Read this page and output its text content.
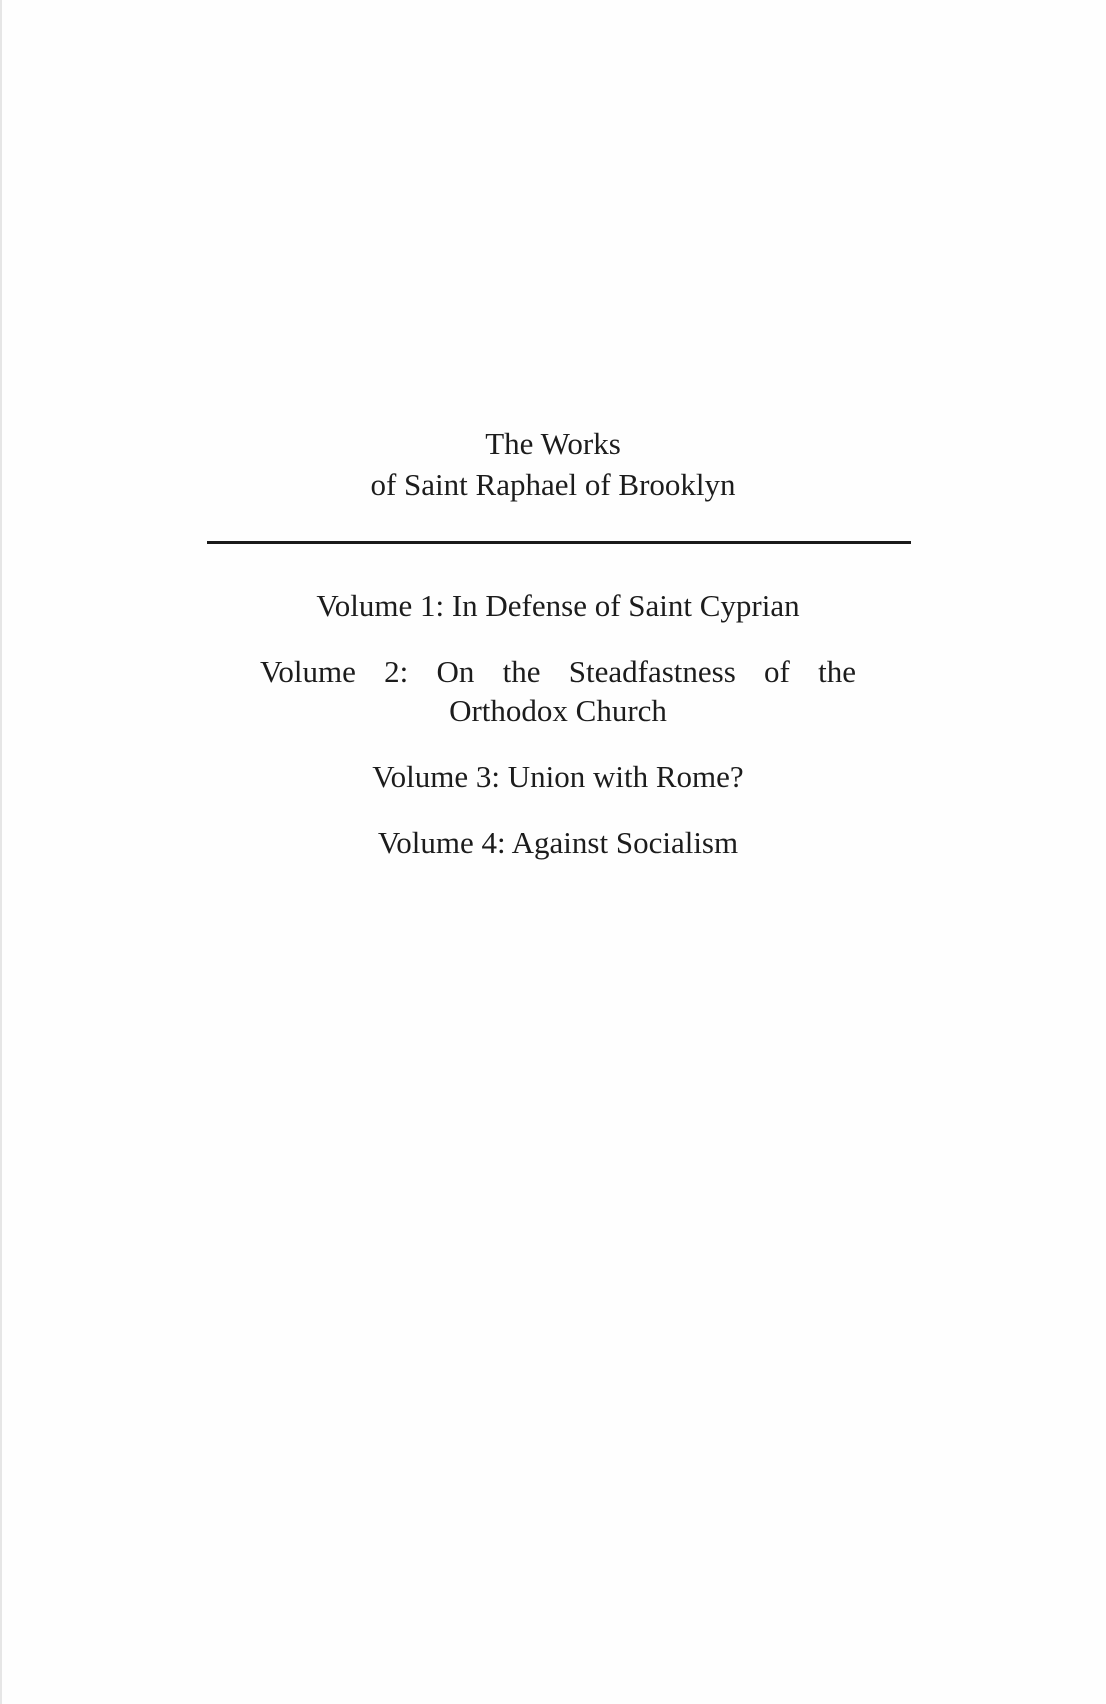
The Works
of Saint Raphael of Brooklyn
Volume 1: In Defense of Saint Cyprian
Volume 2: On the Steadfastness of the Orthodox Church
Volume 3: Union with Rome?
Volume 4: Against Socialism
